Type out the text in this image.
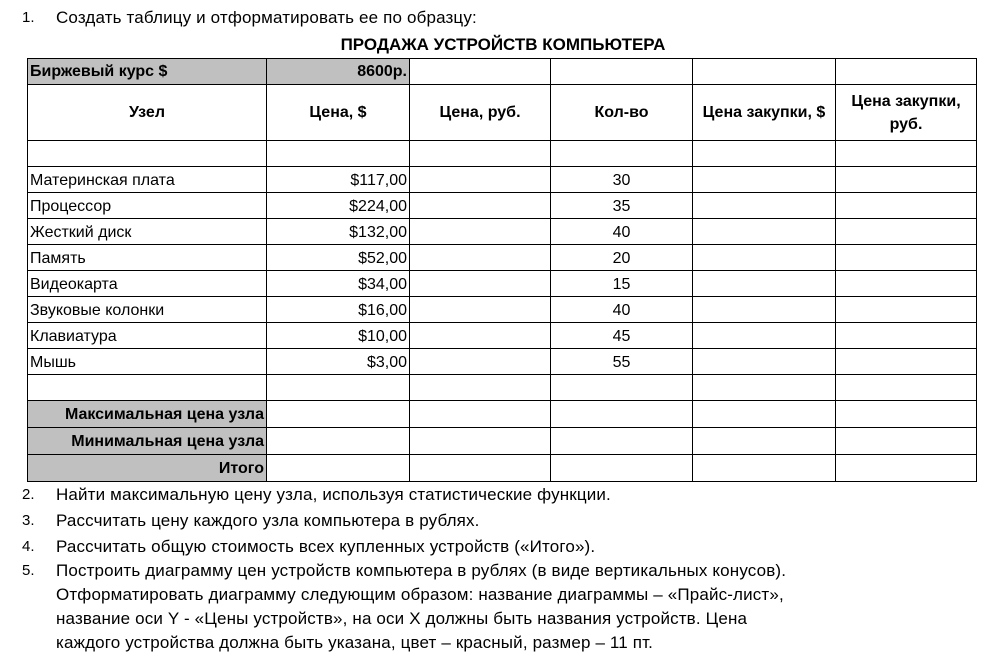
1.	Создать таблицу и отформатировать ее по образцу:
ПРОДАЖА УСТРОЙСТВ КОМПЬЮТЕРА
Биржевый курс $	8600р.				
Узел	Цена, $	Цена, руб.	Кол-во	Цена закупки, $	Цена закупки, руб.

Материнская плата	$117,00		30		
Процессор	$224,00		35		
Жесткий диск	$132,00		40		
Память	$52,00		20		
Видеокарта	$34,00		15		
Звуковые колонки	$16,00		40		
Клавиатура	$10,00		45		
Мышь	$3,00		55		

Максимальная цена узла					
Минимальная цена узла					
Итого					
2.	Найти максимальную цену узла, используя статистические функции.
3.	Рассчитать цену каждого узла компьютера в рублях.
4.	Рассчитать общую стоимость всех купленных устройств («Итого»).
5.	Построить диаграмму цен устройств компьютера в рублях (в виде вертикальных конусов).
Отформатировать диаграмму следующим образом: название диаграммы – «Прайс-лист»,
название оси Y - «Цены устройств», на оси X должны быть названия устройств. Цена
каждого устройства должна быть указана, цвет – красный, размер – 11 пт.
